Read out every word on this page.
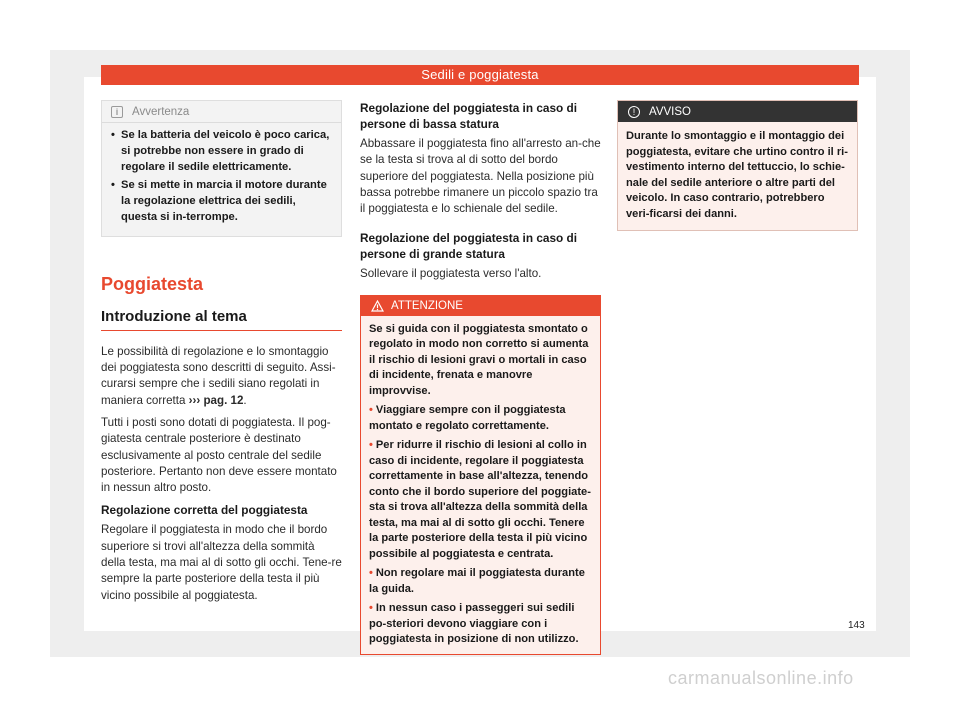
Sedili e poggiatesta
i	Avvertenza
• Se la batteria del veicolo è poco carica, si potrebbe non essere in grado di regolare il sedile elettricamente.
• Se si mette in marcia il motore durante la regolazione elettrica dei sedili, questa si in-terrompe.
Poggiatesta
Introduzione al tema

Le possibilità di regolazione e lo smontaggio dei poggiatesta sono descritti di seguito. Assi-curarsi sempre che i sedili siano regolati in maniera corretta ››› pag. 12.

Tutti i posti sono dotati di poggiatesta. Il pog-giatesta centrale posteriore è destinato esclusivamente al posto centrale del sedile posteriore. Pertanto non deve essere montato in nessun altro posto.

Regolazione corretta del poggiatesta

Regolare il poggiatesta in modo che il bordo superiore si trovi all'altezza della sommità della testa, ma mai al di sotto gli occhi. Tene-re sempre la parte posteriore della testa il più vicino possibile al poggiatesta.

Regolazione del poggiatesta in caso di persone di bassa statura

Abbassare il poggiatesta fino all'arresto an-che se la testa si trova al di sotto del bordo superiore del poggiatesta. Nella posizione più bassa potrebbe rimanere un piccolo spazio tra il poggiatesta e lo schienale del sedile.

Regolazione del poggiatesta in caso di persone di grande statura

Sollevare il poggiatesta verso l'alto.

ATTENZIONE

Se si guida con il poggiatesta smontato o regolato in modo non corretto si aumenta il rischio di lesioni gravi o mortali in caso di incidente, frenata e manovre improvvise.

• Viaggiare sempre con il poggiatesta montato e regolato correttamente.
• Per ridurre il rischio di lesioni al collo in caso di incidente, regolare il poggiatesta correttamente in base all'altezza, tenendo conto che il bordo superiore del poggiate-sta si trova all'altezza della sommità della testa, ma mai al di sotto gli occhi. Tenere la parte posteriore della testa il più vicino possibile al poggiatesta e centrata.
• Non regolare mai il poggiatesta durante la guida.
• In nessun caso i passeggeri sui sedili po-steriori devono viaggiare con i poggiatesta in posizione di non utilizzo.
!	AVVISO

Durante lo smontaggio e il montaggio dei poggiatesta, evitare che urtino contro il ri-vestimento interno del tettuccio, lo schie-nale del sedile anteriore o altre parti del veicolo. In caso contrario, potrebbero veri-ficarsi dei danni.

143
carmanualsonline.info
